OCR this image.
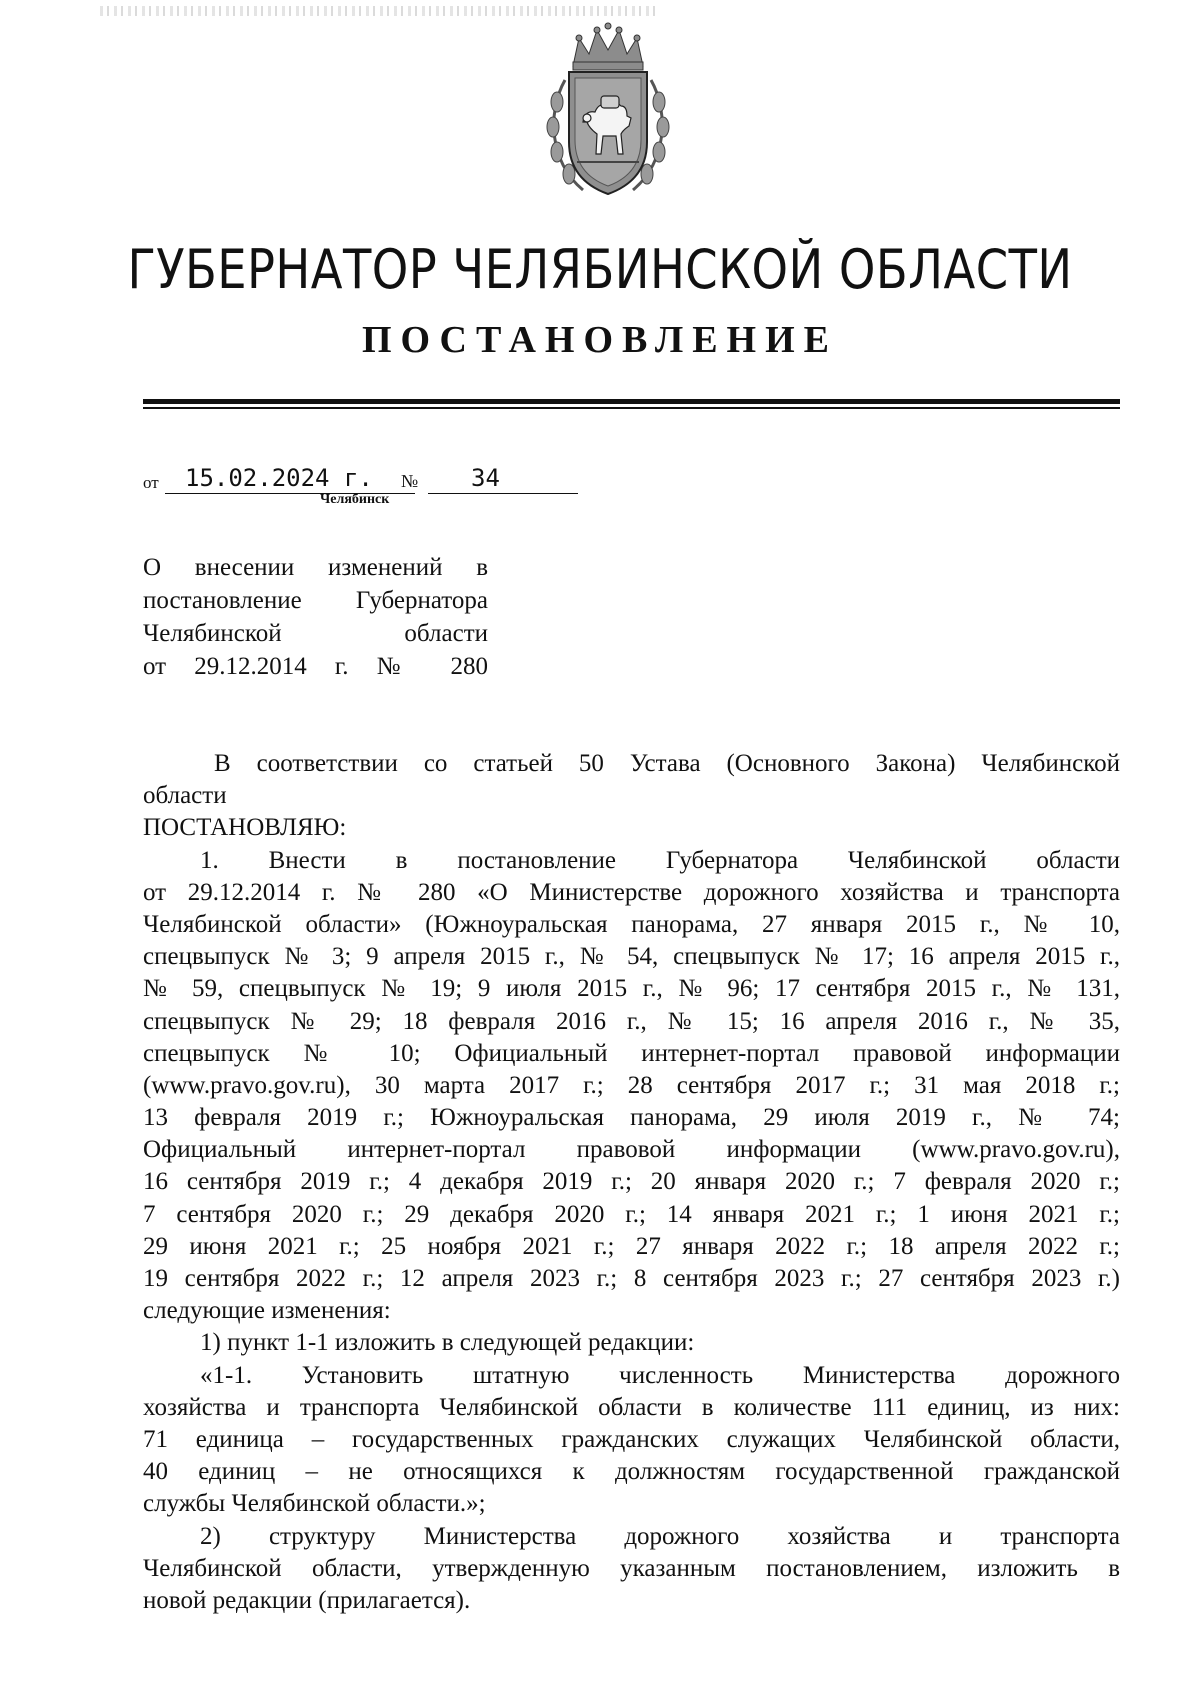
ГУБЕРНАТОР ЧЕЛЯБИНСКОЙ ОБЛАСТИ
ПОСТАНОВЛЕНИЕ
от	15.02.2024 г.	№	34
Челябинск
О внесении изменений в
постановление Губернатора
Челябинской области
от 29.12.2014 г. № 280
В соответствии со статьей 50 Устава (Основного Закона) Челябинской
области
ПОСТАНОВЛЯЮ:
1. Внести в постановление Губернатора Челябинской области
от 29.12.2014 г. № 280 «О Министерстве дорожного хозяйства и транспорта
Челябинской области» (Южноуральская панорама, 27 января 2015 г., № 10,
спецвыпуск № 3; 9 апреля 2015 г., № 54, спецвыпуск № 17; 16 апреля 2015 г.,
№ 59, спецвыпуск № 19; 9 июля 2015 г., № 96; 17 сентября 2015 г., № 131,
спецвыпуск № 29; 18 февраля 2016 г., № 15; 16 апреля 2016 г., № 35,
спецвыпуск № 10; Официальный интернет-портал правовой информации
(www.pravo.gov.ru), 30 марта 2017 г.; 28 сентября 2017 г.; 31 мая 2018 г.;
13 февраля 2019 г.; Южноуральская панорама, 29 июля 2019 г., № 74;
Официальный интернет-портал правовой информации (www.pravo.gov.ru),
16 сентября 2019 г.; 4 декабря 2019 г.; 20 января 2020 г.; 7 февраля 2020 г.;
7 сентября 2020 г.; 29 декабря 2020 г.; 14 января 2021 г.; 1 июня 2021 г.;
29 июня 2021 г.; 25 ноября 2021 г.; 27 января 2022 г.; 18 апреля 2022 г.;
19 сентября 2022 г.; 12 апреля 2023 г.; 8 сентября 2023 г.; 27 сентября 2023 г.)
следующие изменения:
1) пункт 1-1 изложить в следующей редакции:
«1-1. Установить штатную численность Министерства дорожного
хозяйства и транспорта Челябинской области в количестве 111 единиц, из них:
71 единица – государственных гражданских служащих Челябинской области,
40 единиц – не относящихся к должностям государственной гражданской
службы Челябинской области.»;
2) структуру Министерства дорожного хозяйства и транспорта
Челябинской области, утвержденную указанным постановлением, изложить в
новой редакции (прилагается).
